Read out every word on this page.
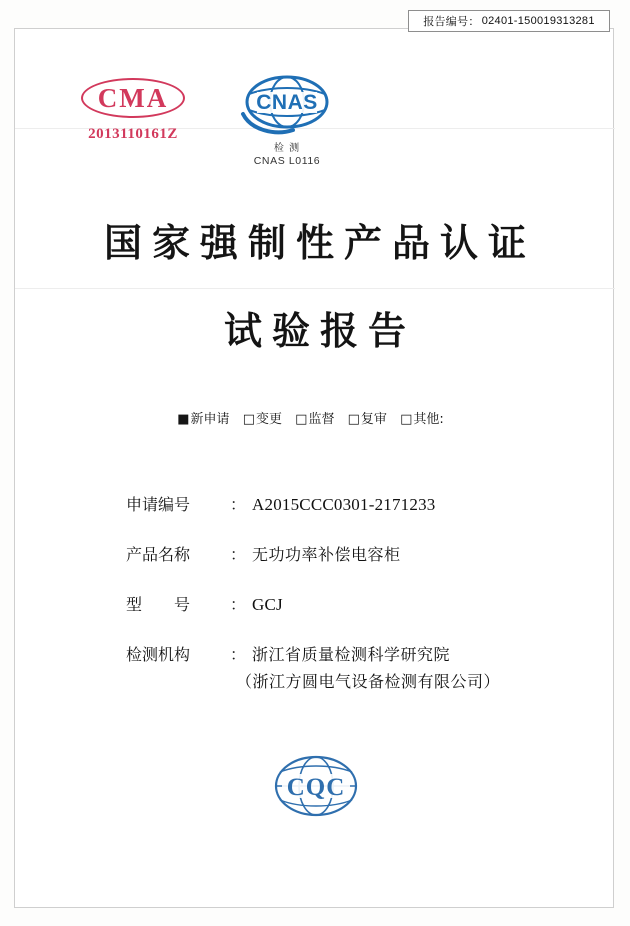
报告编号： 02401-150019313281
CMA
2013110161Z
CNAS
检 测
CNAS L0116
国家强制性产品认证
试验报告
■ 新申请 □ 变更 □ 监督 □ 复审 □ 其他:
申请编号	： A2015CCC0301-2171233
产品名称	： 无功功率补偿电容柜
型　　号	： GCJ
检测机构	： 浙江省质量检测科学研究院
（浙江方圆电气设备检测有限公司）
CQC
